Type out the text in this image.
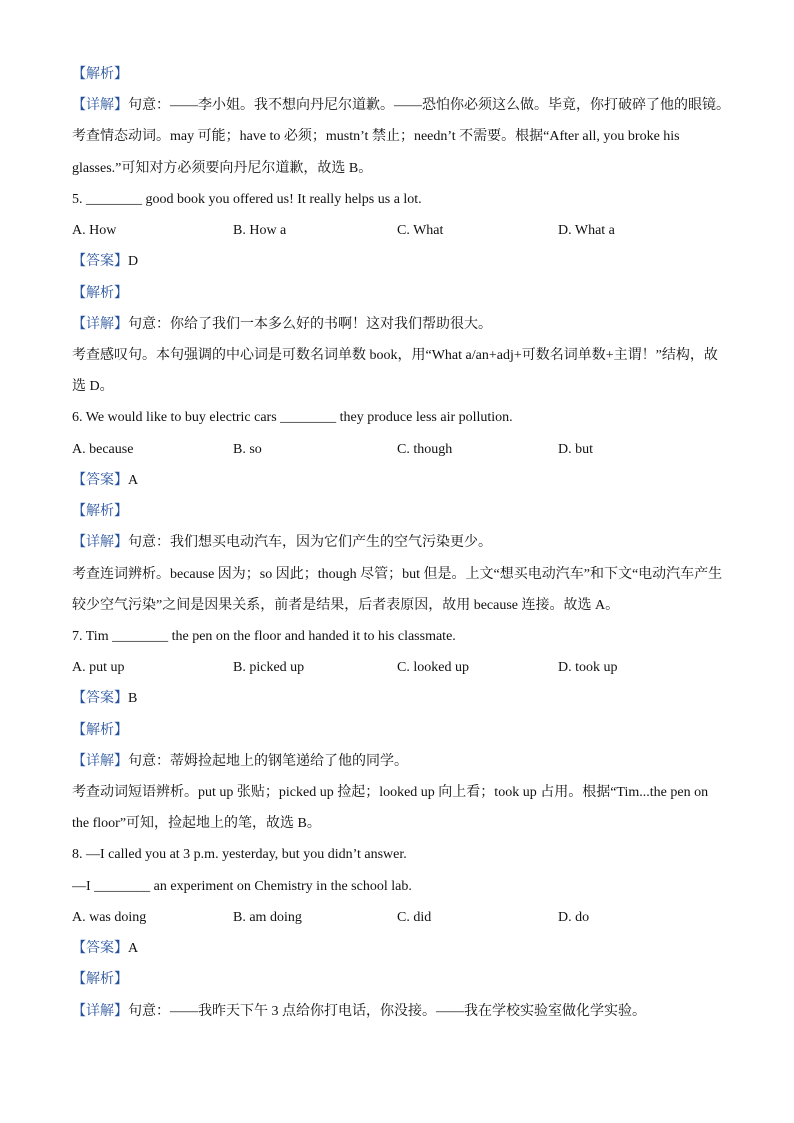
【解析】
【详解】句意：——李小姐。我不想向丹尼尔道歉。——恐怕你必须这么做。毕竟，你打破碎了他的眼镜。
考查情态动词。may 可能；have to 必须；mustn’t 禁止；needn’t 不需要。根据“After all, you broke his
glasses.”可知对方必须要向丹尼尔道歉，故选 B。
5. ________ good book you offered us! It really helps us a lot.
A. How	B. How a	C. What	D. What a
【答案】D
【解析】
【详解】句意：你给了我们一本多么好的书啊！这对我们帮助很大。
考查感叹句。本句强调的中心词是可数名词单数 book，用“What a/an+adj+可数名词单数+主谓！”结构，故
选 D。
6. We would like to buy electric cars ________ they produce less air pollution.
A. because	B. so	C. though	D. but
【答案】A
【解析】
【详解】句意：我们想买电动汽车，因为它们产生的空气污染更少。
考查连词辨析。because 因为；so 因此；though 尽管；but 但是。上文“想买电动汽车”和下文“电动汽车产生
较少空气污染”之间是因果关系，前者是结果，后者表原因，故用 because 连接。故选 A。
7. Tim ________ the pen on the floor and handed it to his classmate.
A. put up	B. picked up	C. looked up	D. took up
【答案】B
【解析】
【详解】句意：蒂姆捡起地上的钢笔递给了他的同学。
考查动词短语辨析。put up 张贴；picked up 捡起；looked up 向上看；took up 占用。根据“Tim...the pen on
the floor”可知，捡起地上的笔，故选 B。
8. —I called you at 3 p.m. yesterday, but you didn’t answer.
—I ________ an experiment on Chemistry in the school lab.
A. was doing	B. am doing	C. did	D. do
【答案】A
【解析】
【详解】句意：——我昨天下午 3 点给你打电话，你没接。——我在学校实验室做化学实验。
